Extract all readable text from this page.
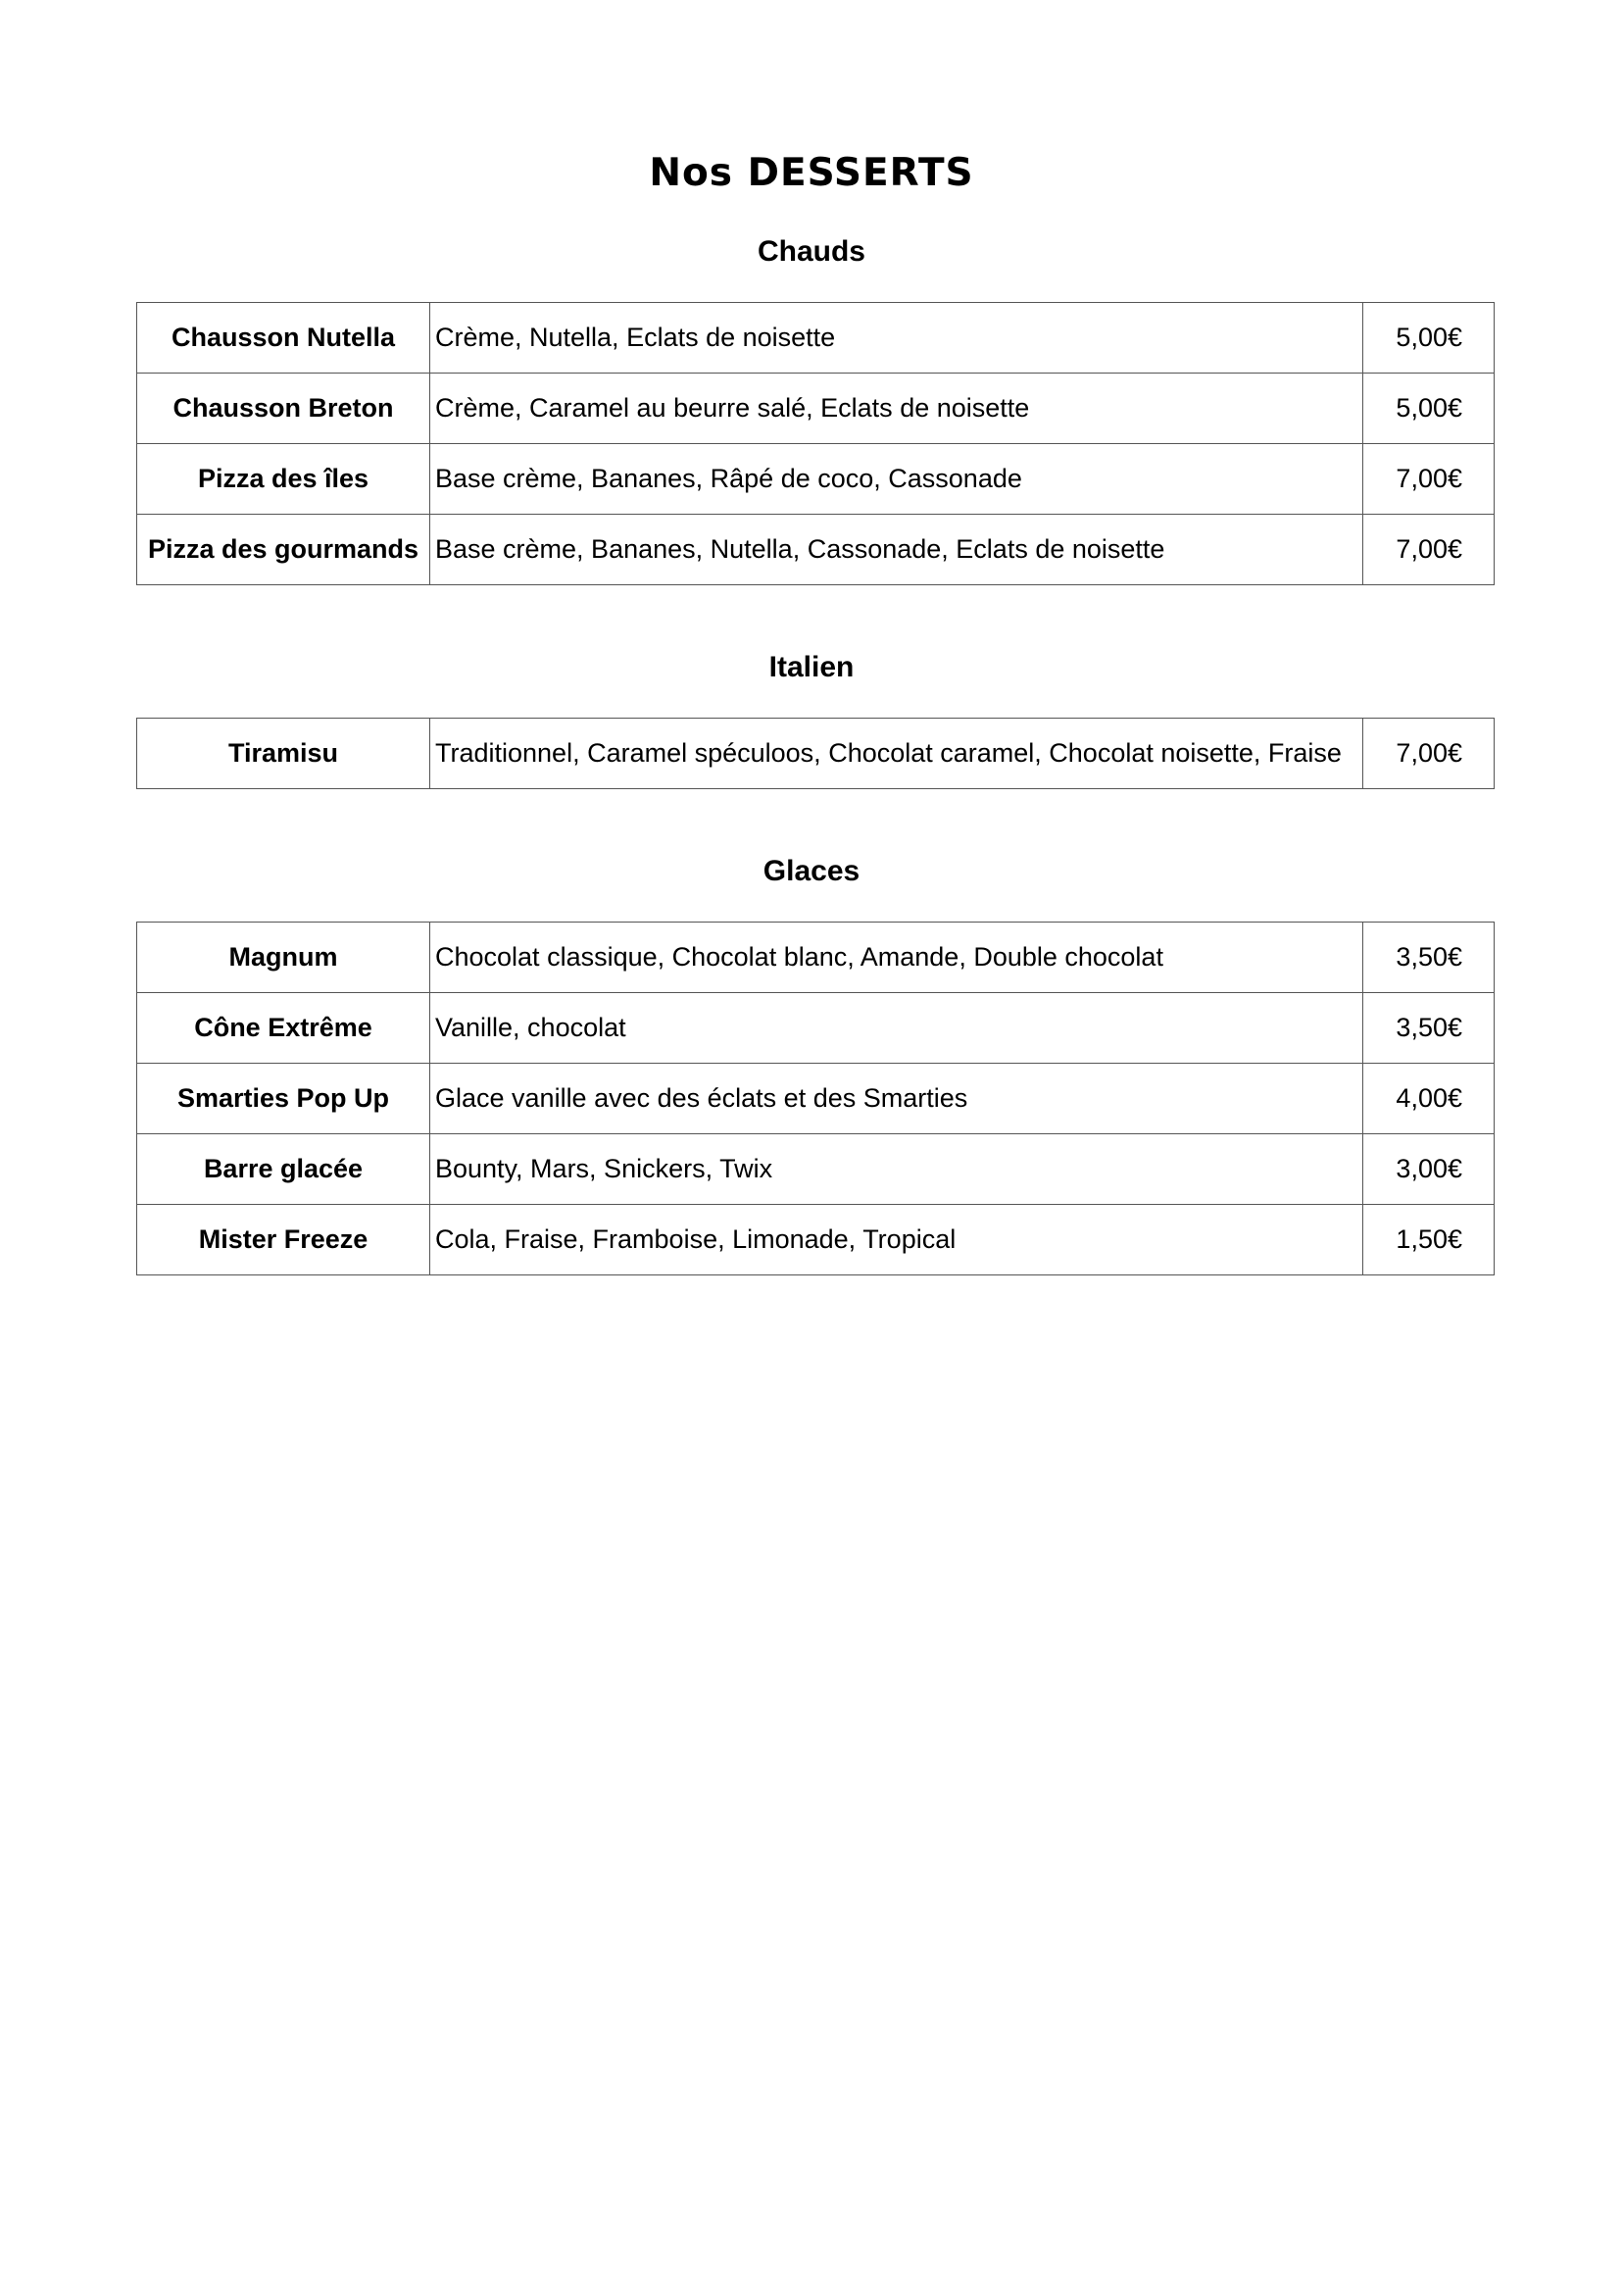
Nos DESSERTS
Chauds
Chausson Nutella	Crème, Nutella, Eclats de noisette	5,00€
Chausson Breton	Crème, Caramel au beurre salé, Eclats de noisette	5,00€
Pizza des îles	Base crème, Bananes, Râpé de coco, Cassonade	7,00€
Pizza des gourmands	Base crème, Bananes, Nutella, Cassonade, Eclats de noisette	7,00€
Italien
Tiramisu	Traditionnel, Caramel spéculoos, Chocolat caramel, Chocolat noisette, Fraise	7,00€
Glaces
Magnum	Chocolat classique, Chocolat blanc, Amande, Double chocolat	3,50€
Cône Extrême	Vanille, chocolat	3,50€
Smarties Pop Up	Glace vanille avec des éclats et des Smarties	4,00€
Barre glacée	Bounty, Mars, Snickers, Twix	3,00€
Mister Freeze	Cola, Fraise, Framboise, Limonade, Tropical	1,50€
